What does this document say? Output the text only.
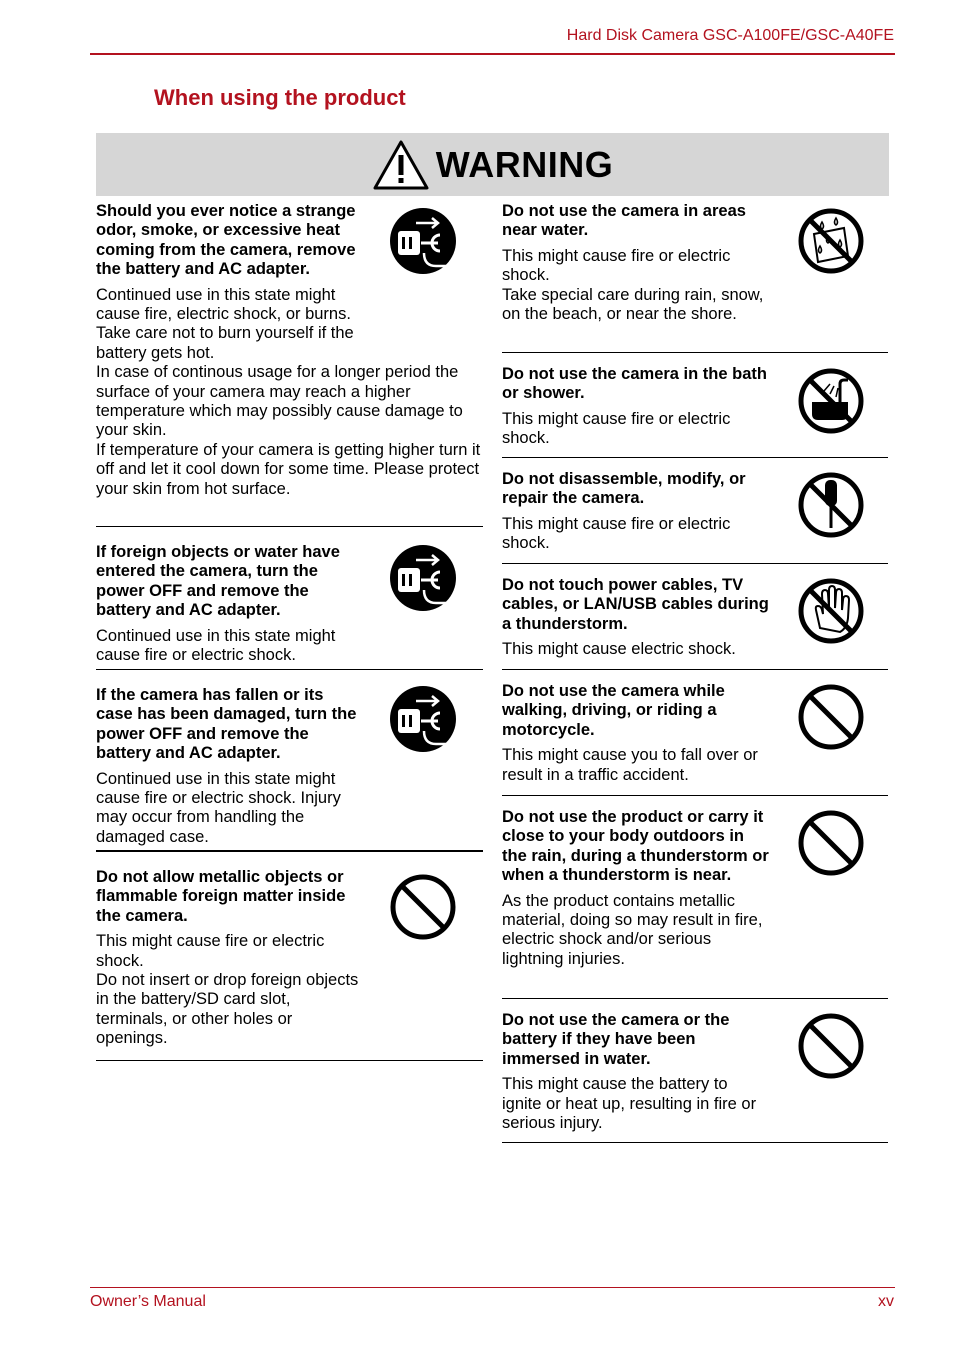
Hard Disk Camera GSC-A100FE/GSC-A40FE
When using the product
WARNING
Should you ever notice a strange odor, smoke, or excessive heat coming from the camera, remove the battery and AC adapter.

Continued use in this state might cause fire, electric shock, or burns. Take care not to burn yourself if the battery gets hot.

In case of continous usage for a longer period the surface of your camera may reach a higher temperature which may possibly cause damage to your skin.

If temperature of your camera is getting higher turn it off and let it cool down for some time. Please protect your skin from hot surface.

If foreign objects or water have entered the camera, turn the power OFF and remove the battery and AC adapter.

Continued use in this state might cause fire or electric shock.

If the camera has fallen or its case has been damaged, turn the power OFF and remove the battery and AC adapter.

Continued use in this state might cause fire or electric shock. Injury may occur from handling the damaged case.

Do not allow metallic objects or flammable foreign matter inside the camera.

This might cause fire or electric shock.

Do not insert or drop foreign objects in the battery/SD card slot, terminals, or other holes or openings.

Do not use the camera in areas near water.

This might cause fire or electric shock.

Take special care during rain, snow, on the beach, or near the shore.

Do not use the camera in the bath or shower.

This might cause fire or electric shock.

Do not disassemble, modify, or repair the camera.

This might cause fire or electric shock.

Do not touch power cables, TV cables, or LAN/USB cables during a thunderstorm.

This might cause electric shock.

Do not use the camera while walking, driving, or riding a motorcycle.

This might cause you to fall over or result in a traffic accident.

Do not use the product or carry it close to your body outdoors in the rain, during a thunderstorm or when a thunderstorm is near.

As the product contains metallic material, doing so may result in fire, electric shock and/or serious lightning injuries.

Do not use the camera or the battery if they have been immersed in water.

This might cause the battery to ignite or heat up, resulting in fire or serious injury.

Owner’s Manual	xv
